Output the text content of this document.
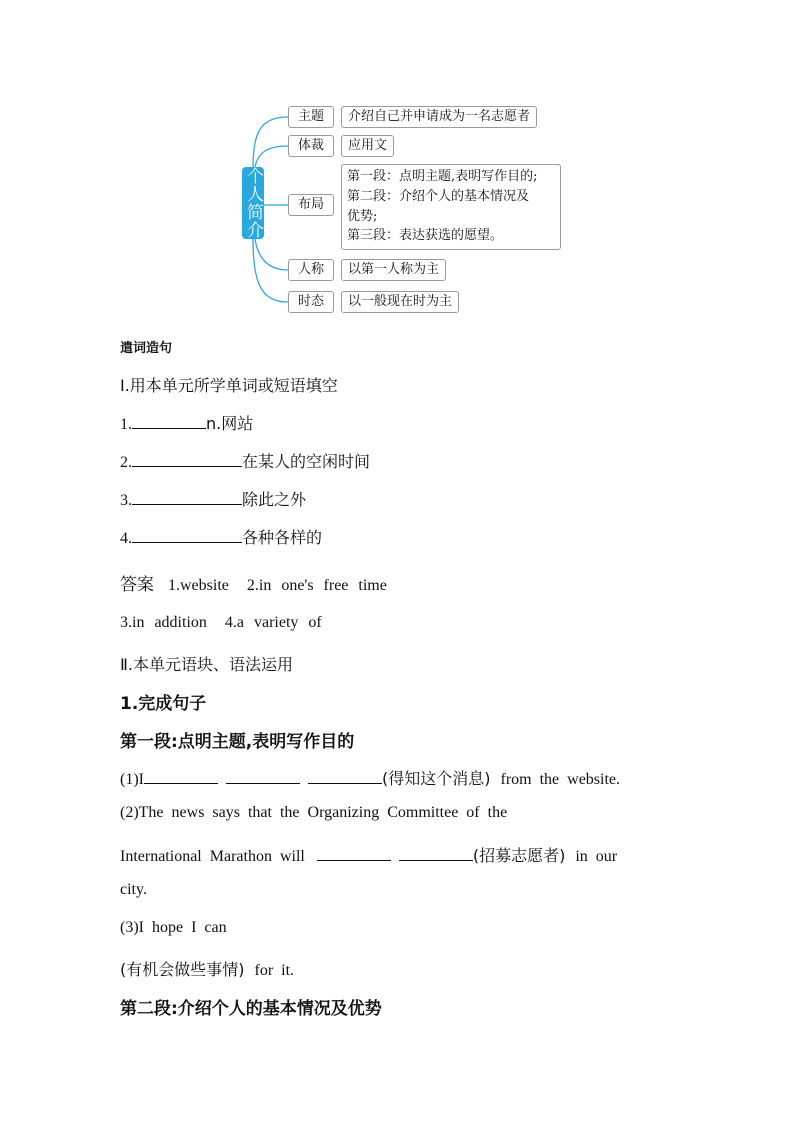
个人简介
主题	介绍自己并申请成为一名志愿者
体裁	应用文
布局
第一段：点明主题,表明写作目的;
第二段：介绍个人的基本情况及
优势;
第三段：表达获选的愿望。
人称	以第一人称为主
时态	以一般现在时为主
遣词造句
Ⅰ.用本单元所学单词或短语填空
1.	n.网站
2.	在某人的空闲时间
3.	除此之外
4.	各种各样的
答案 1.website 2.in one's free time
3.in addition 4.a variety of
Ⅱ.本单元语块、语法运用
1.完成句子
第一段:点明主题,表明写作目的
(1)I	(得知这个消息) from  the  website.
(2)The  news  says  that  the  Organizing  Committee  of  the
International  Marathon  will	(招募志愿者) in  our
city.
(3)I  hope  I  can
(有机会做些事情) for  it.
第二段:介绍个人的基本情况及优势
